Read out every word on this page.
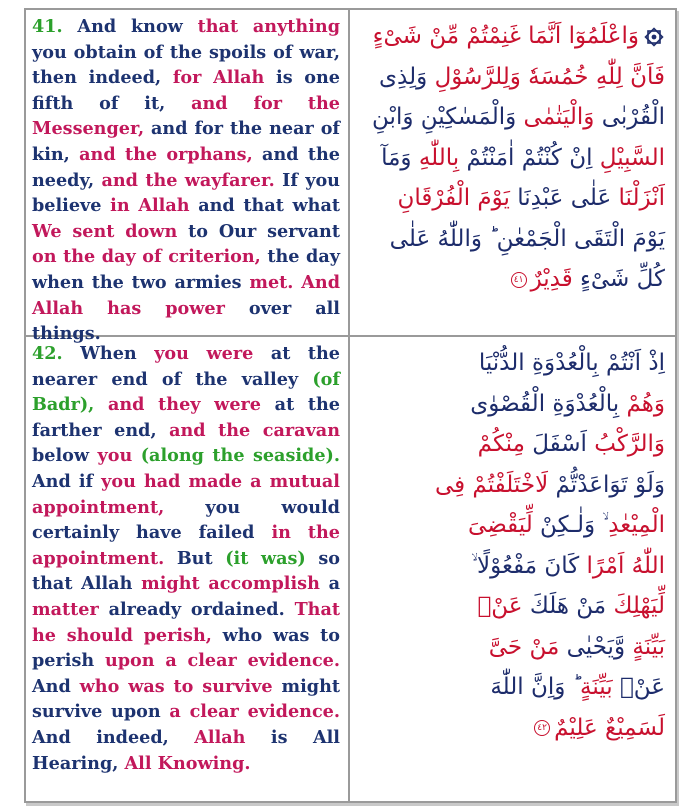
41. And know that anything you obtain of the spoils of war, then indeed, for Allah is one fifth of it, and for the Messenger, and for the near of kin, and the orphans, and the needy, and the wayfarer. If you believe in Allah and that what We sent down to Our servant on the day of criterion, the day when the two armies met. And Allah has power over all things.
وَاعْلَمُوٓا اَنَّمَا غَنِمْتُمْ مِّنْ شَىْءٍ
فَاَنَّ لِلّٰهِ خُمُسَهٗ وَلِلرَّسُوْلِ وَلِذِى
الْقُرْبٰى وَالْيَتٰمٰى وَالْمَسٰكِيْنِ وَابْنِ
السَّبِيْلِ اِنْ كُنْتُمْ اٰمَنْتُمْ بِاللّٰهِ وَمَآ
اَنْزَلْنَا عَلٰى عَبْدِنَا يَوْمَ الْفُرْقَانِ
يَوْمَ الْتَقَى الْجَمْعٰنِ ؕ وَاللّٰهُ عَلٰى
كُلِّ شَىْءٍ قَدِيْرٌ٤١
42. When you were at the nearer end of the valley (of Badr), and they were at the farther end, and the caravan below you (along the seaside). And if you had made a mutual appointment, you would certainly have failed in the appointment. But (it was) so that Allah might accomplish a matter already ordained. That he should perish, who was to perish upon a clear evidence. And who was to survive might survive upon a clear evidence. And indeed, Allah is All Hearing, All Knowing.
اِذْ اَنْتُمْ بِالْعُدْوَةِ الدُّنْيَا
وَهُمْ بِالْعُدْوَةِ الْقُصْوٰى
وَالرَّكْبُ اَسْفَلَ مِنْكُمْ
وَلَوْ تَوَاعَدْتُّمْ لَاخْتَلَفْتُمْ فِى
الْمِيْعٰدِ ۙ وَلٰـكِنْ لِّيَقْضِىَ
اللّٰهُ اَمْرًا كَانَ مَفْعُوْلًا ۙ
لِّيَهْلِكَ مَنْ هَلَكَ عَنْۢ
بَيِّنَةٍ وَّيَحْيٰى مَنْ حَىَّ
عَنْۢ بَيِّنَةٍ ؕ وَاِنَّ اللّٰهَ
لَسَمِيْعٌ عَلِيْمٌ٤٢
